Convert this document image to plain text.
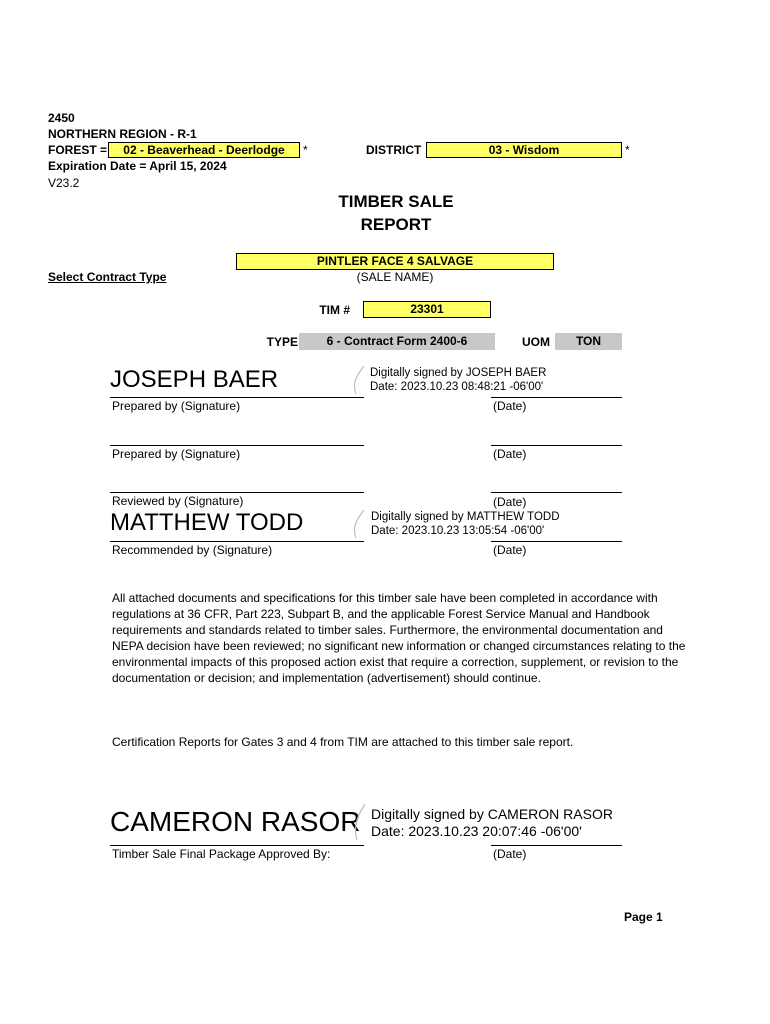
2450
NORTHERN REGION - R-1
FOREST =	02 - Beaverhead - Deerlodge	*	DISTRICT	03 - Wisdom	*
Expiration Date = April 15, 2024
V23.2
TIMBER SALE
REPORT
PINTLER FACE 4 SALVAGE
(SALE NAME)
Select Contract Type
TIM #	23301
TYPE	6 - Contract Form 2400-6	UOM	TON
JOSEPH BAER	Digitally signed by JOSEPH BAER
Date: 2023.10.23 08:48:21 -06'00'
Prepared by (Signature)	(Date)
Prepared by (Signature)	(Date)
Reviewed by (Signature)	(Date)
MATTHEW TODD	Digitally signed by MATTHEW TODD
Date: 2023.10.23 13:05:54 -06'00'
Recommended by (Signature)	(Date)
All attached documents and specifications for this timber sale have been completed in accordance with regulations at 36 CFR, Part 223, Subpart B, and the applicable Forest Service Manual and Handbook requirements and standards related to timber sales. Furthermore, the environmental documentation and NEPA decision have been reviewed; no significant new information or changed circumstances relating to the environmental impacts of this proposed action exist that require a correction, supplement, or revision to the documentation or decision; and implementation (advertisement) should continue.
Certification Reports for Gates 3 and 4 from TIM are attached to this timber sale report.
CAMERON RASOR Digitally signed by CAMERON RASOR
Date: 2023.10.23 20:07:46 -06'00'
Timber Sale Final Package Approved By:	(Date)
Page 1
